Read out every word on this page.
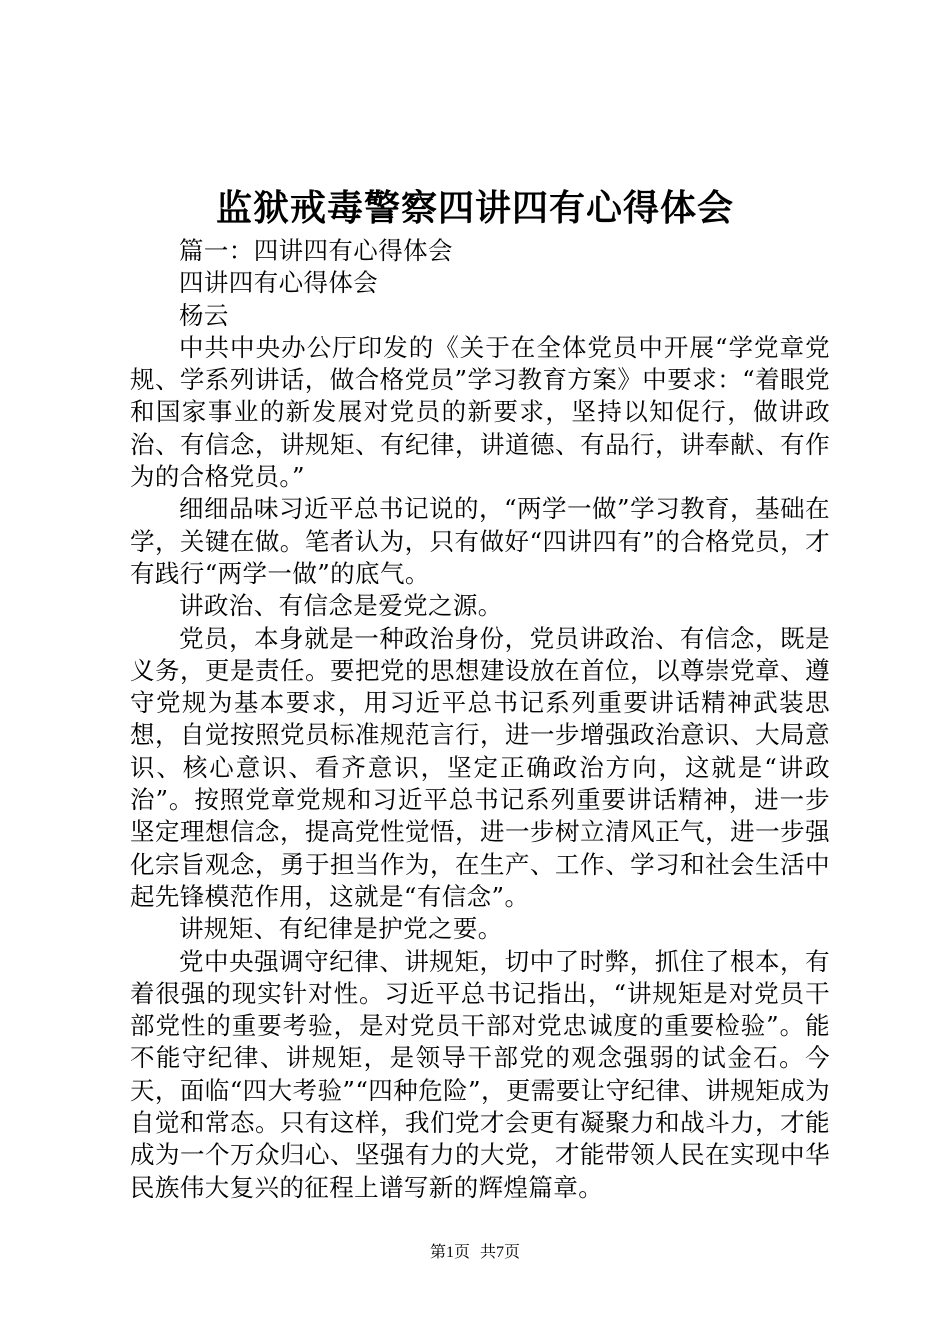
监狱戒毒警察四讲四有心得体会

篇一：四讲四有心得体会

四讲四有心得体会

杨云

中共中央办公厅印发的《关于在全体党员中开展“学党章党规、学系列讲话，做合格党员”学习教育方案》中要求：“着眼党和国家事业的新发展对党员的新要求，坚持以知促行，做讲政治、有信念，讲规矩、有纪律，讲道德、有品行，讲奉献、有作为的合格党员。”

细细品味习近平总书记说的，“两学一做”学习教育，基础在学，关键在做。笔者认为，只有做好“四讲四有”的合格党员，才有践行“两学一做”的底气。

讲政治、有信念是爱党之源。

党员，本身就是一种政治身份，党员讲政治、有信念，既是义务，更是责任。要把党的思想建设放在首位，以尊崇党章、遵守党规为基本要求，用习近平总书记系列重要讲话精神武装思想，自觉按照党员标准规范言行，进一步增强政治意识、大局意识、核心意识、看齐意识，坚定正确政治方向，这就是“讲政治”。按照党章党规和习近平总书记系列重要讲话精神，进一步坚定理想信念，提高党性觉悟，进一步树立清风正气，进一步强化宗旨观念，勇于担当作为，在生产、工作、学习和社会生活中起先锋模范作用，这就是“有信念”。

讲规矩、有纪律是护党之要。

党中央强调守纪律、讲规矩，切中了时弊，抓住了根本，有着很强的现实针对性。习近平总书记指出，“讲规矩是对党员干部党性的重要考验，是对党员干部对党忠诚度的重要检验”。能不能守纪律、讲规矩，是领导干部党的观念强弱的试金石。今天，面临“四大考验”“四种危险”，更需要让守纪律、讲规矩成为自觉和常态。只有这样，我们党才会更有凝聚力和战斗力，才能成为一个万众归心、坚强有力的大党，才能带领人民在实现中华民族伟大复兴的征程上谱写新的辉煌篇章。

第1页 共7页
